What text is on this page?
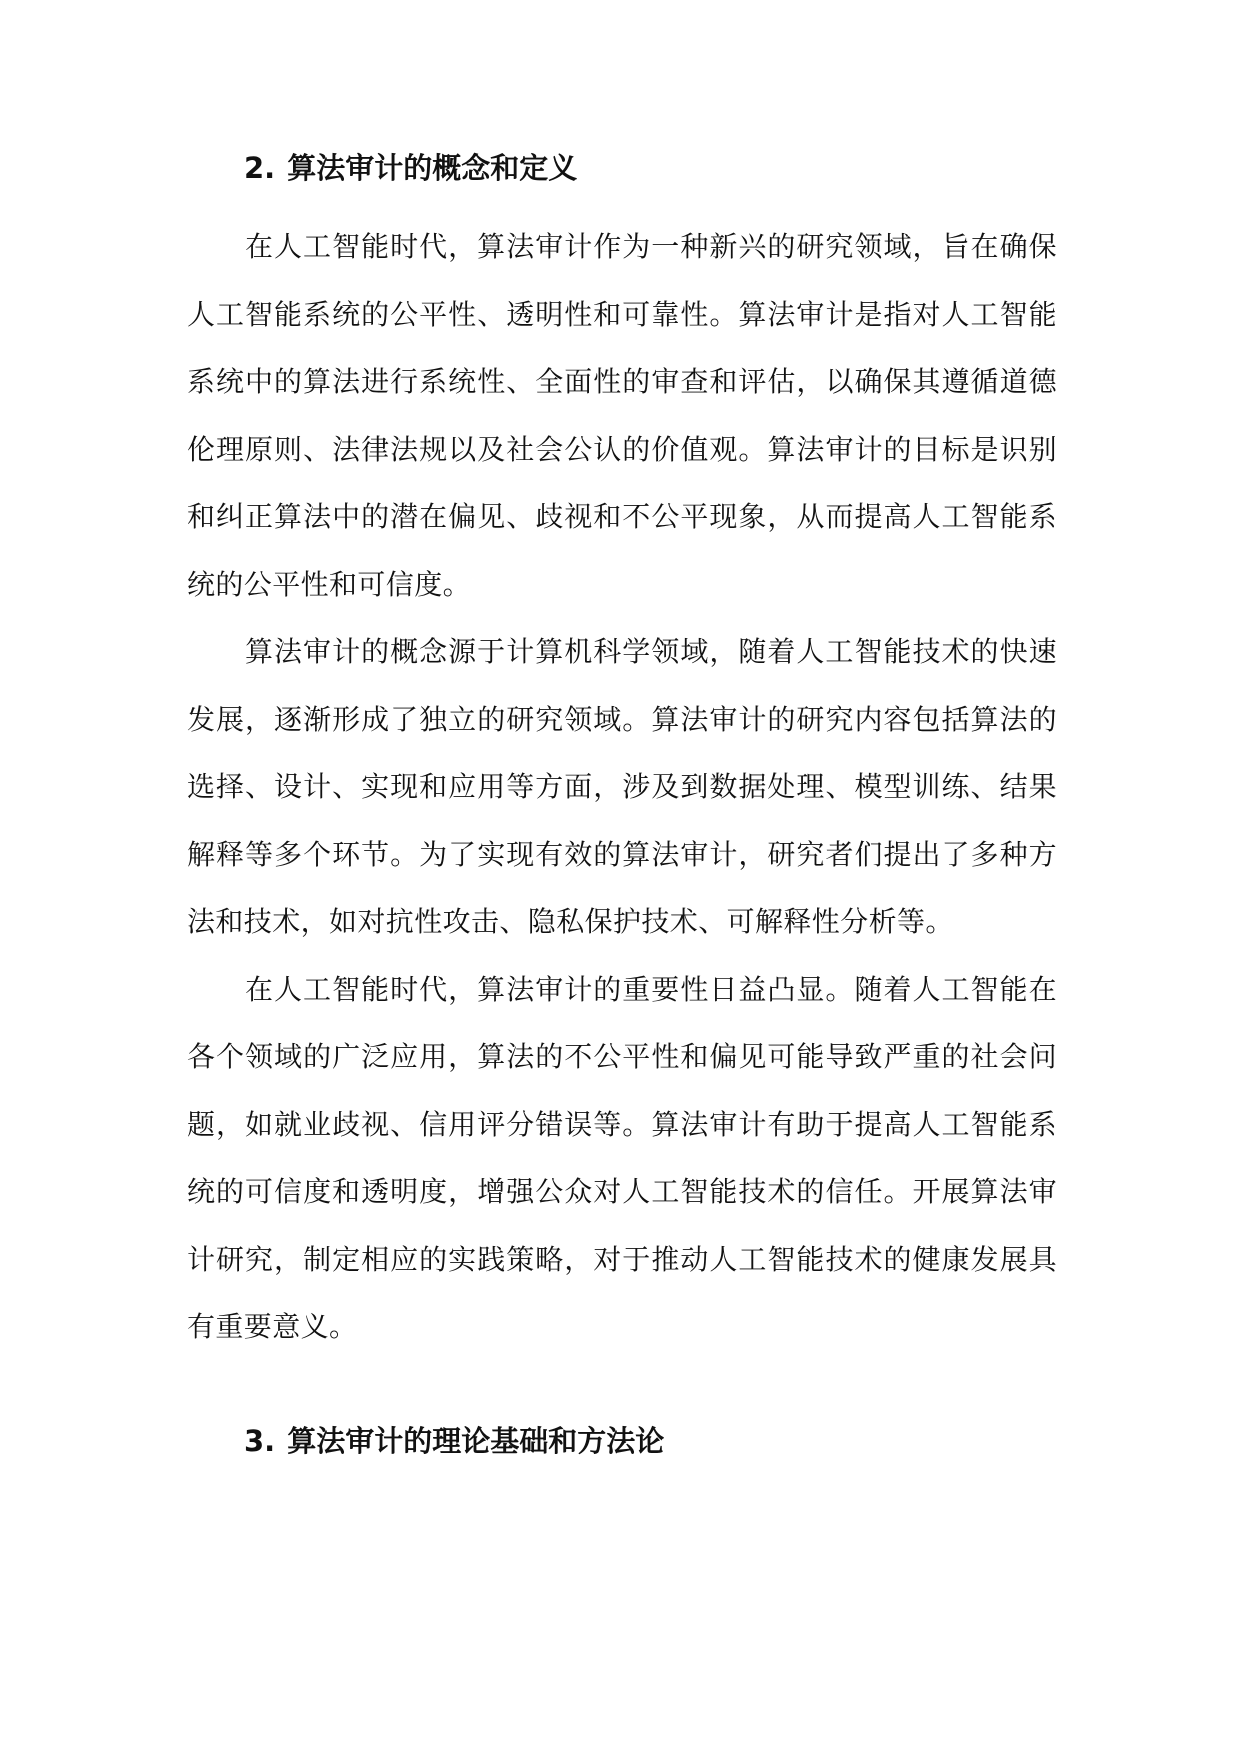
2. 算法审计的概念和定义

在人工智能时代，算法审计作为一种新兴的研究领域，旨在确保人工智能系统的公平性、透明性和可靠性。算法审计是指对人工智能系统中的算法进行系统性、全面性的审查和评估，以确保其遵循道德伦理原则、法律法规以及社会公认的价值观。算法审计的目标是识别和纠正算法中的潜在偏见、歧视和不公平现象，从而提高人工智能系统的公平性和可信度。

算法审计的概念源于计算机科学领域，随着人工智能技术的快速发展，逐渐形成了独立的研究领域。算法审计的研究内容包括算法的选择、设计、实现和应用等方面，涉及到数据处理、模型训练、结果解释等多个环节。为了实现有效的算法审计，研究者们提出了多种方法和技术，如对抗性攻击、隐私保护技术、可解释性分析等。

在人工智能时代，算法审计的重要性日益凸显。随着人工智能在各个领域的广泛应用，算法的不公平性和偏见可能导致严重的社会问题，如就业歧视、信用评分错误等。算法审计有助于提高人工智能系统的可信度和透明度，增强公众对人工智能技术的信任。开展算法审计研究，制定相应的实践策略，对于推动人工智能技术的健康发展具有重要意义。

3. 算法审计的理论基础和方法论
